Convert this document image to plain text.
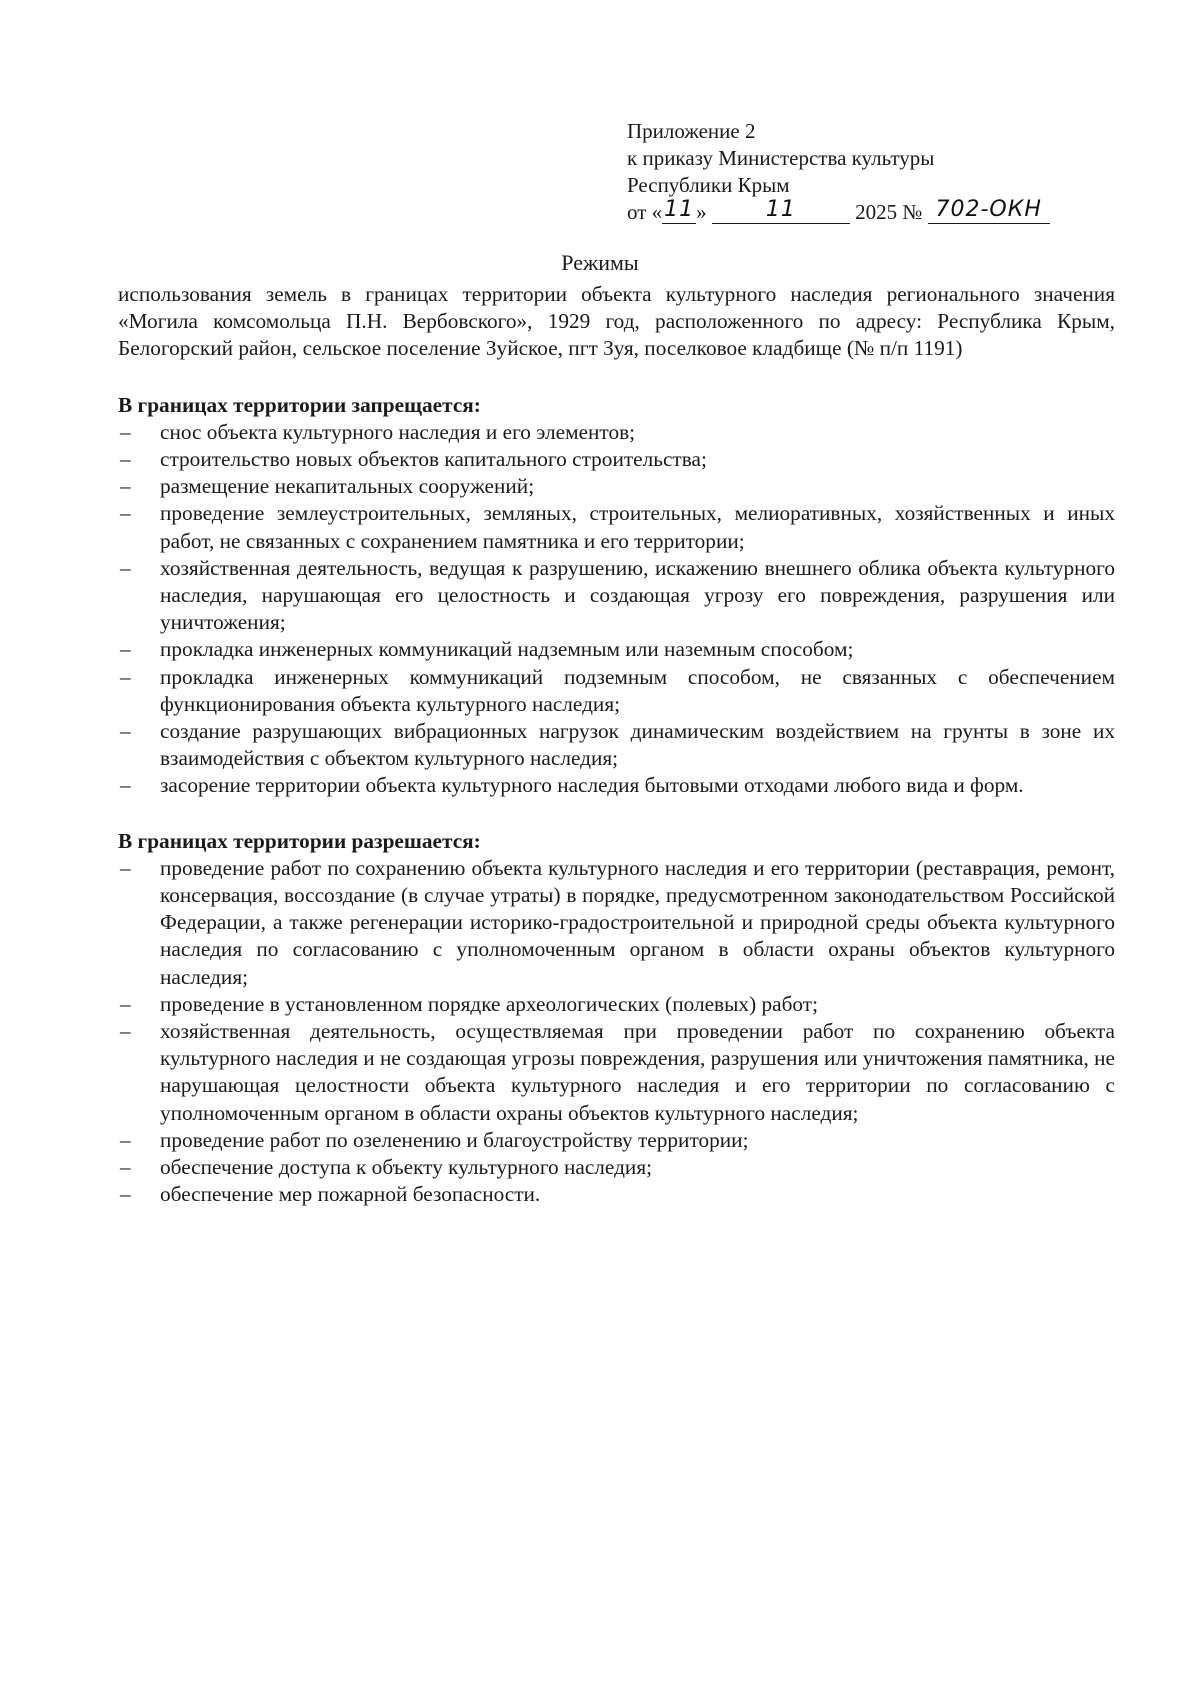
Приложение 2
к приказу Министерства культуры
Республики Крым
от «11»	11	2025 № 702-ОКН
Режимы

использования земель в границах территории объекта культурного наследия регионального значения «Могила комсомольца П.Н. Вербовского», 1929 год, расположенного по адресу: Республика Крым, Белогорский район, сельское поселение Зуйское, пгт Зуя, поселковое кладбище (№ п/п 1191)

В границах территории запрещается:

– снос объекта культурного наследия и его элементов;
– строительство новых объектов капитального строительства;
– размещение некапитальных сооружений;
– проведение землеустроительных, земляных, строительных, мелиоративных, хозяйственных и иных работ, не связанных с сохранением памятника и его территории;
– хозяйственная деятельность, ведущая к разрушению, искажению внешнего облика объекта культурного наследия, нарушающая его целостность и создающая угрозу его повреждения, разрушения или уничтожения;
– прокладка инженерных коммуникаций надземным или наземным способом;
– прокладка инженерных коммуникаций подземным способом, не связанных с обеспечением функционирования объекта культурного наследия;
– создание разрушающих вибрационных нагрузок динамическим воздействием на грунты в зоне их взаимодействия с объектом культурного наследия;
– засорение территории объекта культурного наследия бытовыми отходами любого вида и форм.

В границах территории разрешается:

– проведение работ по сохранению объекта культурного наследия и его территории (реставрация, ремонт, консервация, воссоздание (в случае утраты) в порядке, предусмотренном законодательством Российской Федерации, а также регенерации историко-градостроительной и природной среды объекта культурного наследия по согласованию с уполномоченным органом в области охраны объектов культурного наследия;
– проведение в установленном порядке археологических (полевых) работ;
– хозяйственная деятельность, осуществляемая при проведении работ по сохранению объекта культурного наследия и не создающая угрозы повреждения, разрушения или уничтожения памятника, не нарушающая целостности объекта культурного наследия и его территории по согласованию с уполномоченным органом в области охраны объектов культурного наследия;
– проведение работ по озеленению и благоустройству территории;
– обеспечение доступа к объекту культурного наследия;
– обеспечение мер пожарной безопасности.
